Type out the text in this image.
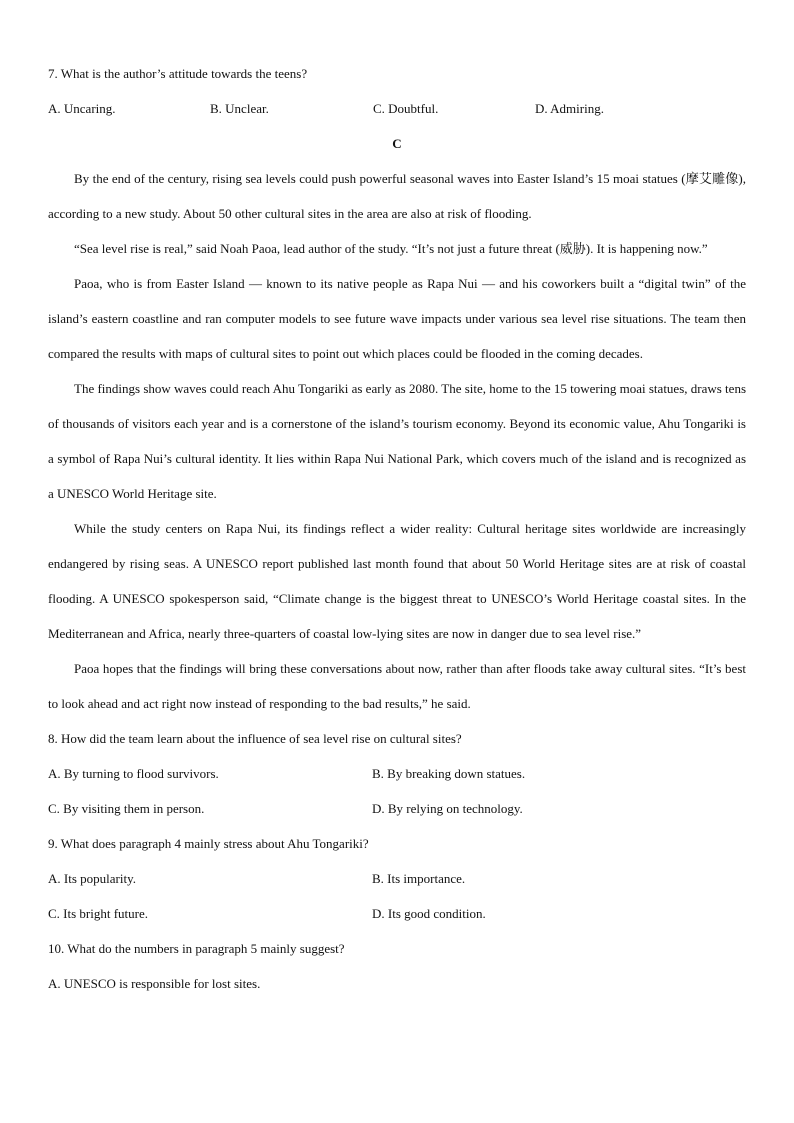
7. What is the author’s attitude towards the teens?

A. Uncaring.	B. Unclear.	C. Doubtful.	D. Admiring.

C

By the end of the century, rising sea levels could push powerful seasonal waves into Easter Island’s 15 moai statues (摩艾雕像), according to a new study. About 50 other cultural sites in the area are also at risk of flooding.

“Sea level rise is real,” said Noah Paoa, lead author of the study. “It’s not just a future threat (威胁). It is happening now.”

Paoa, who is from Easter Island — known to its native people as Rapa Nui — and his coworkers built a “digital twin” of the island’s eastern coastline and ran computer models to see future wave impacts under various sea level rise situations. The team then compared the results with maps of cultural sites to point out which places could be flooded in the coming decades.

The findings show waves could reach Ahu Tongariki as early as 2080. The site, home to the 15 towering moai statues, draws tens of thousands of visitors each year and is a cornerstone of the island’s tourism economy. Beyond its economic value, Ahu Tongariki is a symbol of Rapa Nui’s cultural identity. It lies within Rapa Nui National Park, which covers much of the island and is recognized as a UNESCO World Heritage site.

While the study centers on Rapa Nui, its findings reflect a wider reality: Cultural heritage sites worldwide are increasingly endangered by rising seas. A UNESCO report published last month found that about 50 World Heritage sites are at risk of coastal flooding. A UNESCO spokesperson said, “Climate change is the biggest threat to UNESCO’s World Heritage coastal sites. In the Mediterranean and Africa, nearly three-quarters of coastal low-lying sites are now in danger due to sea level rise.”

Paoa hopes that the findings will bring these conversations about now, rather than after floods take away cultural sites. “It’s best to look ahead and act right now instead of responding to the bad results,” he said.

8. How did the team learn about the influence of sea level rise on cultural sites?

A. By turning to flood survivors.	B. By breaking down statues.
C. By visiting them in person.	D. By relying on technology.

9. What does paragraph 4 mainly stress about Ahu Tongariki?

A. Its popularity.	B. Its importance.
C. Its bright future.	D. Its good condition.

10. What do the numbers in paragraph 5 mainly suggest?

A. UNESCO is responsible for lost sites.
